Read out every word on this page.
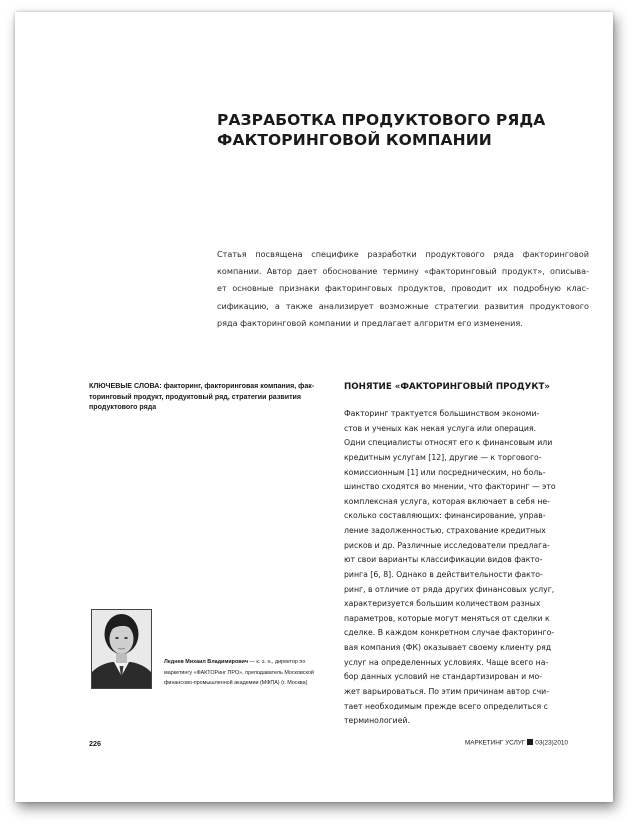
РАЗРАБОТКА ПРОДУКТОВОГО РЯДА
ФАКТОРИНГОВОЙ КОМПАНИИ
Статья посвящена специфике разработки продуктового ряда факторинговой
компании. Автор дает обоснование термину «факторинговый продукт», описыва-
ет основные признаки факторинговых продуктов, проводит их подробную клас-
сификацию, а также анализирует возможные стратегии развития продуктового
ряда факторинговой компании и предлагает алгоритм его изменения.
КЛЮЧЕВЫЕ СЛОВА: факторинг, факторинговая компания, фак-
торинговый продукт, продуктовый ряд, стратегии развития
продуктового ряда
Леднев Михаил Владимирович — к. э. н., директор по
маркетингу «ФАКТОРинг ПРО», преподаватель Московской
финансово-промышленной академии (МФПА) (г. Москва)
ПОНЯТИЕ «ФАКТОРИНГОВЫЙ ПРОДУКТ»
Факторинг трактуется большинством экономи-
стов и ученых как некая услуга или операция.
Одни специалисты относят его к финансовым или
кредитным услугам [12], другие — к торгового-
комиссионным [1] или посредническим, но боль-
шинство сходятся во мнении, что факторинг — это
комплексная услуга, которая включает в себя не-
сколько составляющих: финансирование, управ-
ление задолженностью, страхование кредитных
рисков и др. Различные исследователи предлага-
ют свои варианты классификации видов факто-
ринга [6, 8]. Однако в действительности факто-
ринг, в отличие от ряда других финансовых услуг,
характеризуется большим количеством разных
параметров, которые могут меняться от сделки к
сделке. В каждом конкретном случае факторинго-
вая компания (ФК) оказывает своему клиенту ряд
услуг на определенных условиях. Чаще всего на-
бор данных условий не стандартизирован и мо-
жет варьироваться. По этим причинам автор счи-
тает необходимым прежде всего определиться с
терминологией.
226	МАРКЕТИНГ УСЛУГ 03(23)2010
